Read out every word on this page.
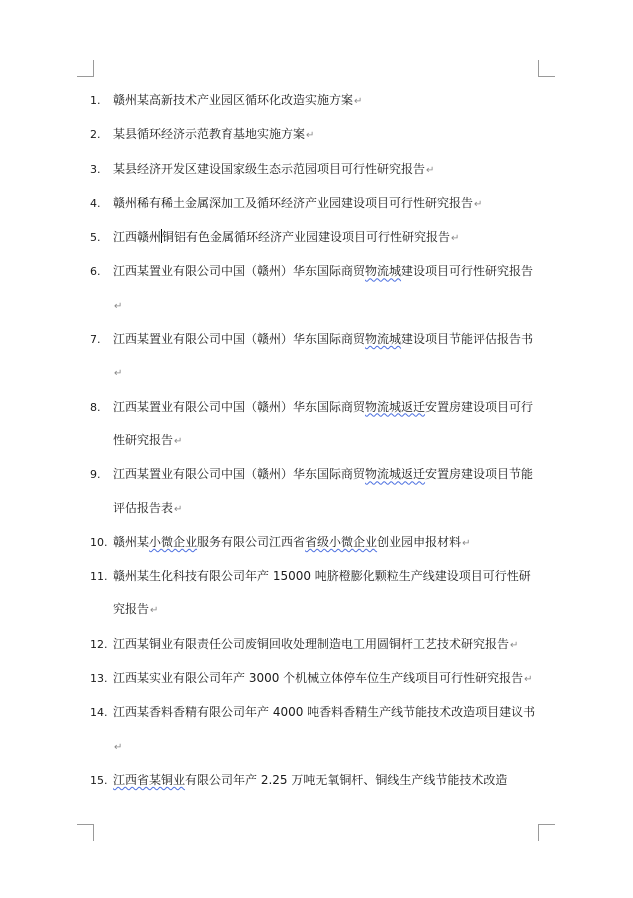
1. 赣州某高新技术产业园区循环化改造实施方案↵
2. 某县循环经济示范教育基地实施方案↵
3. 某县经济开发区建设国家级生态示范园项目可行性研究报告↵
4. 赣州稀有稀土金属深加工及循环经济产业园建设项目可行性研究报告↵
5. 江西赣州铜铝有色金属循环经济产业园建设项目可行性研究报告↵
6. 江西某置业有限公司中国（赣州）华东国际商贸物流城建设项目可行性研究报告↵
7. 江西某置业有限公司中国（赣州）华东国际商贸物流城建设项目节能评估报告书↵
8. 江西某置业有限公司中国（赣州）华东国际商贸物流城返迁安置房建设项目可行性研究报告↵
9. 江西某置业有限公司中国（赣州）华东国际商贸物流城返迁安置房建设项目节能评估报告表↵
10. 赣州某小微企业服务有限公司江西省省级小微企业创业园申报材料↵
11. 赣州某生化科技有限公司年产 15000 吨脐橙膨化颗粒生产线建设项目可行性研究报告↵
12. 江西某铜业有限责任公司废铜回收处理制造电工用圆铜杆工艺技术研究报告↵
13. 江西某实业有限公司年产 3000 个机械立体停车位生产线项目可行性研究报告↵
14. 江西某香料香精有限公司年产 4000 吨香料香精生产线节能技术改造项目建议书↵
15. 江西省某铜业有限公司年产 2.25 万吨无氧铜杆、铜线生产线节能技术改造
